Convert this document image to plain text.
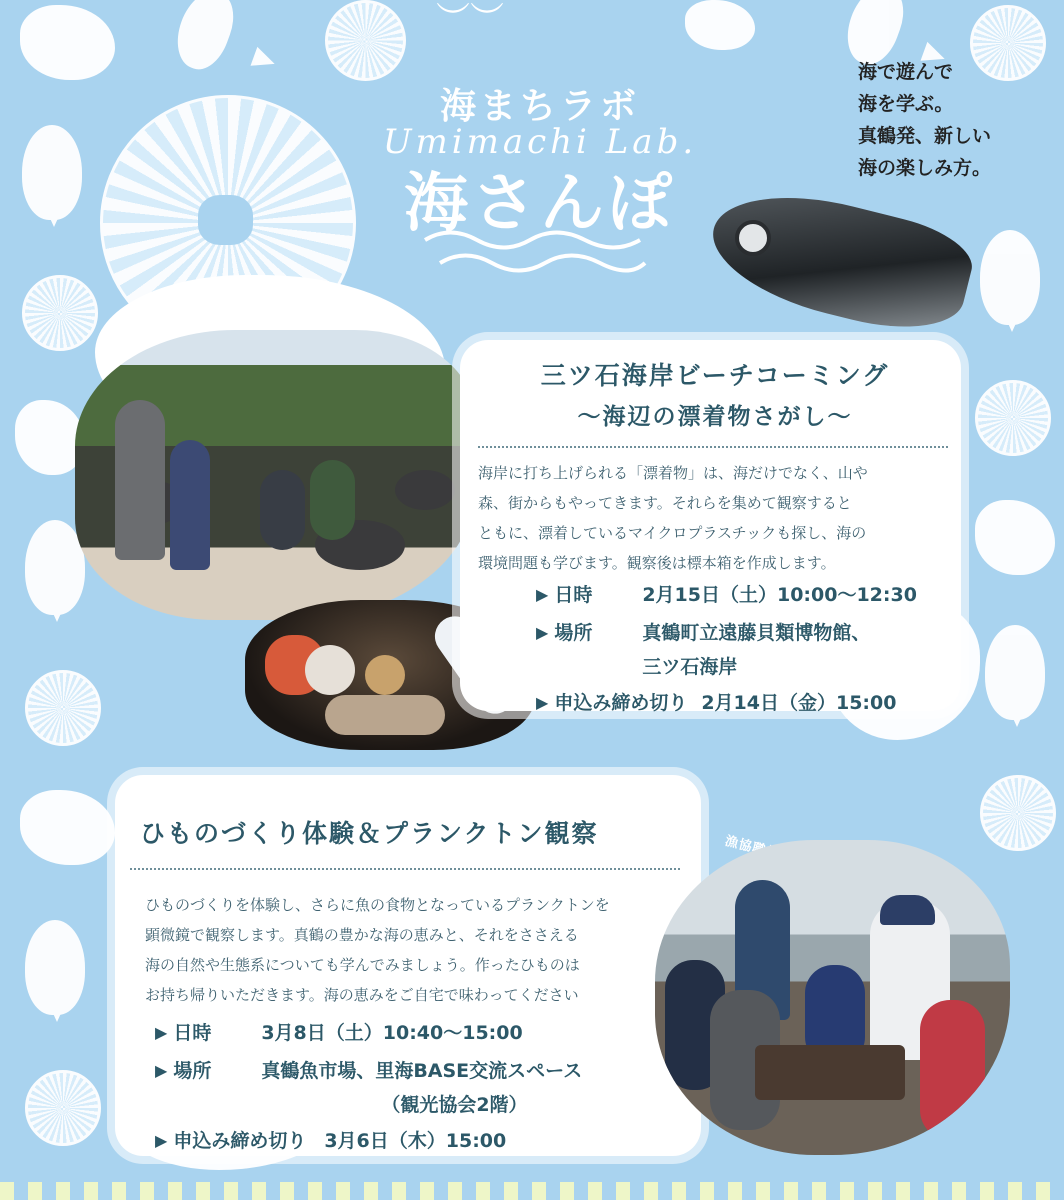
︶︶
海まちラボ
Umimachi Lab.
海さんぽ
海で遊んで
海を学ぶ。
真鶴発、新しい
海の楽しみ方。
三ツ石海岸ビーチコーミング
～海辺の漂着物さがし～
海岸に打ち上げられる「漂着物」は、海だけでなく、山や
森、街からもやってきます。それらを集めて観察すると
ともに、漂着しているマイクロプラスチックも探し、海の
環境問題も学びます。観察後は標本箱を作成します。
▶ 日時	2月15日（土）10:00～12:30
▶ 場所	真鶴町立遠藤貝類博物館、
三ツ石海岸
▶ 申込み締め切り 2月14日（金）15:00
ひものづくり体験＆プランクトン観察
ひものづくりを体験し、さらに魚の食物となっているプランクトンを
顕微鏡で観察します。真鶴の豊かな海の恵みと、それをささえる
海の自然や生態系についても学んでみましょう。作ったひものは
お持ち帰りいただきます。海の恵みをご自宅で味わってください
▶ 日時	3月8日（土）10:40～15:00
▶ 場所	真鶴魚市場、里海BASE交流スペース
（観光協会2階）
▶ 申込み締め切り 3月6日（木）15:00
